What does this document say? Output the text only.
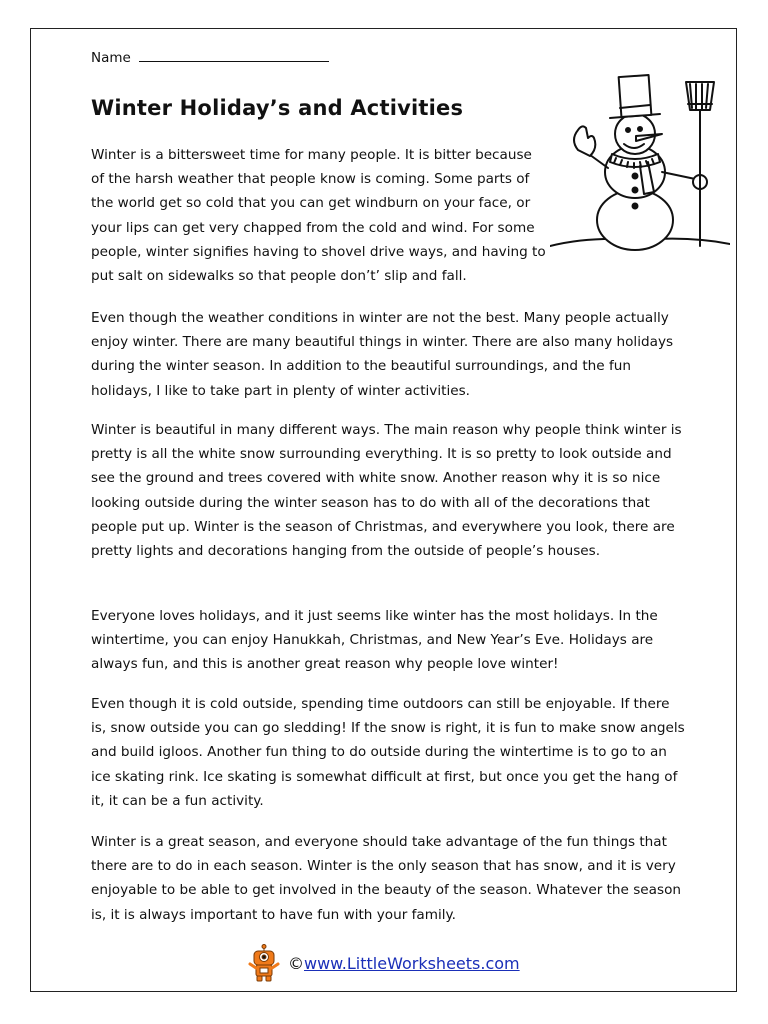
Name
Winter Holiday’s and Activities

Winter is a bittersweet time for many people. It is bitter because of the harsh weather that people know is coming. Some parts of the world get so cold that you can get windburn on your face, or your lips can get very chapped from the cold and wind. For some people, winter signifies having to shovel drive ways, and having to put salt on sidewalks so that people don’t’ slip and fall.

Even though the weather conditions in winter are not the best. Many people actually enjoy winter. There are many beautiful things in winter. There are also many holidays during the winter season. In addition to the beautiful surroundings, and the fun holidays, I like to take part in plenty of winter activities.

Winter is beautiful in many different ways. The main reason why people think winter is pretty is all the white snow surrounding everything. It is so pretty to look outside and see the ground and trees covered with white snow. Another reason why it is so nice looking outside during the winter season has to do with all of the decorations that people put up. Winter is the season of Christmas, and everywhere you look, there are pretty lights and decorations hanging from the outside of people’s houses.

Everyone loves holidays, and it just seems like winter has the most holidays. In the wintertime, you can enjoy Hanukkah, Christmas, and New Year’s Eve. Holidays are always fun, and this is another great reason why people love winter!

Even though it is cold outside, spending time outdoors can still be enjoyable. If there is, snow outside you can go sledding! If the snow is right, it is fun to make snow angels and build igloos. Another fun thing to do outside during the wintertime is to go to an ice skating rink. Ice skating is somewhat difficult at first, but once you get the hang of it, it can be a fun activity.

Winter is a great season, and everyone should take advantage of the fun things that there are to do in each season. Winter is the only season that has snow, and it is very enjoyable to be able to get involved in the beauty of the season. Whatever the season is, it is always important to have fun with your family.

© www.LittleWorksheets.com
